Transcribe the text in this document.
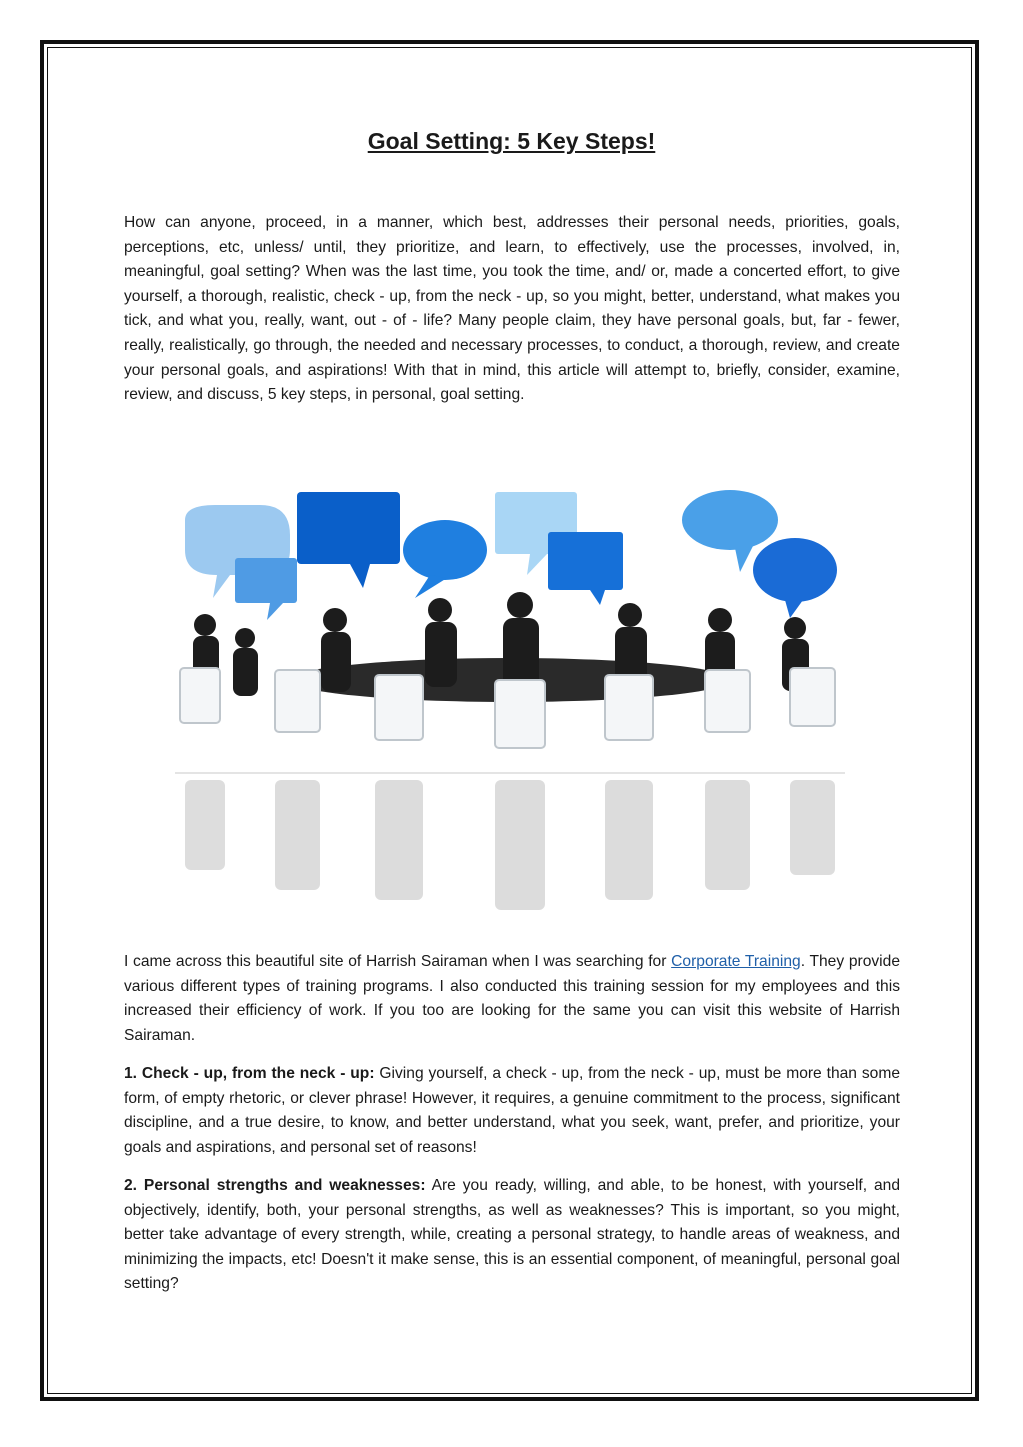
Goal Setting: 5 Key Steps!

How can anyone, proceed, in a manner, which best, addresses their personal needs, priorities, goals, perceptions, etc, unless/ until, they prioritize, and learn, to effectively, use the processes, involved, in, meaningful, goal setting? When was the last time, you took the time, and/ or, made a concerted effort, to give yourself, a thorough, realistic, check - up, from the neck - up, so you might, better, understand, what makes you tick, and what you, really, want, out - of - life? Many people claim, they have personal goals, but, far - fewer, really, realistically, go through, the needed and necessary processes, to conduct, a thorough, review, and create your personal goals, and aspirations! With that in mind, this article will attempt to, briefly, consider, examine, review, and discuss, 5 key steps, in personal, goal setting.

I came across this beautiful site of Harrish Sairaman when I was searching for Corporate Training. They provide various different types of training programs. I also conducted this training session for my employees and this increased their efficiency of work. If you too are looking for the same you can visit this website of Harrish Sairaman.

1. Check - up, from the neck - up: Giving yourself, a check - up, from the neck - up, must be more than some form, of empty rhetoric, or clever phrase! However, it requires, a genuine commitment to the process, significant discipline, and a true desire, to know, and better understand, what you seek, want, prefer, and prioritize, your goals and aspirations, and personal set of reasons!

2. Personal strengths and weaknesses: Are you ready, willing, and able, to be honest, with yourself, and objectively, identify, both, your personal strengths, as well as weaknesses? This is important, so you might, better take advantage of every strength, while, creating a personal strategy, to handle areas of weakness, and minimizing the impacts, etc! Doesn't it make sense, this is an essential component, of meaningful, personal goal setting?
